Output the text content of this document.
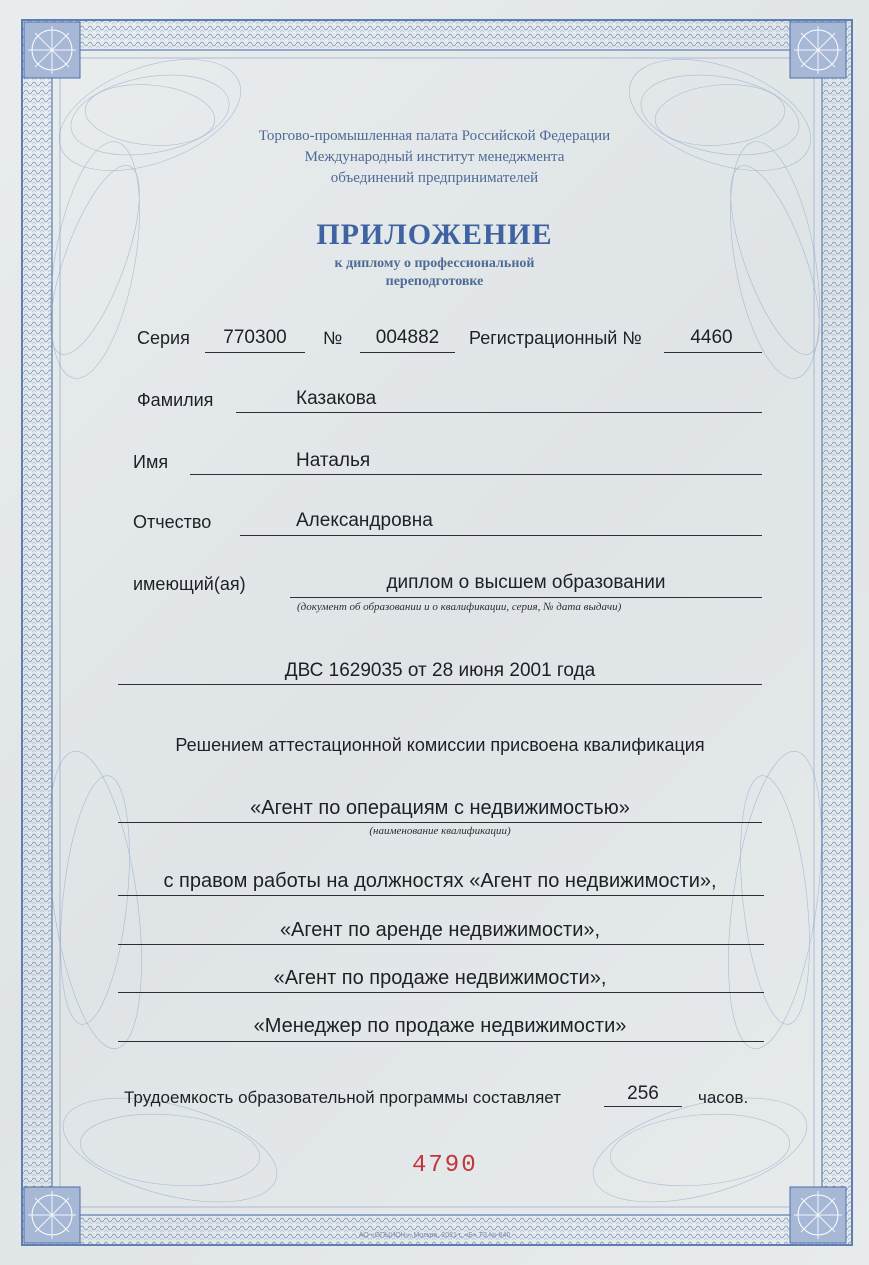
Торгово-промышленная палата Российской Федерации
Международный институт менеджмента
объединений предпринимателей
ПРИЛОЖЕНИЕ
к диплому о профессиональной
переподготовке
Серия	770300	№	004882	Регистрационный №	4460
Фамилия	Казакова
Имя	Наталья
Отчество	Александровна
имеющий(ая)	диплом о высшем образовании
(документ об образовании и о квалификации, серия, № дата выдачи)
ДВС 1629035 от 28 июня 2001 года
Решением аттестационной комиссии присвоена квалификация
«Агент по операциям с недвижимостью»
(наименование квалификации)
с правом работы на должностях «Агент по недвижимости»,
«Агент по аренде недвижимости»,
«Агент по продаже недвижимости»,
«Менеджер по продаже недвижимости»
Трудоемкость образовательной программы составляет	256	часов.
4790
АО «ОПЦИОН», Москва, 2021 г. «Б» ТЗ № 840
